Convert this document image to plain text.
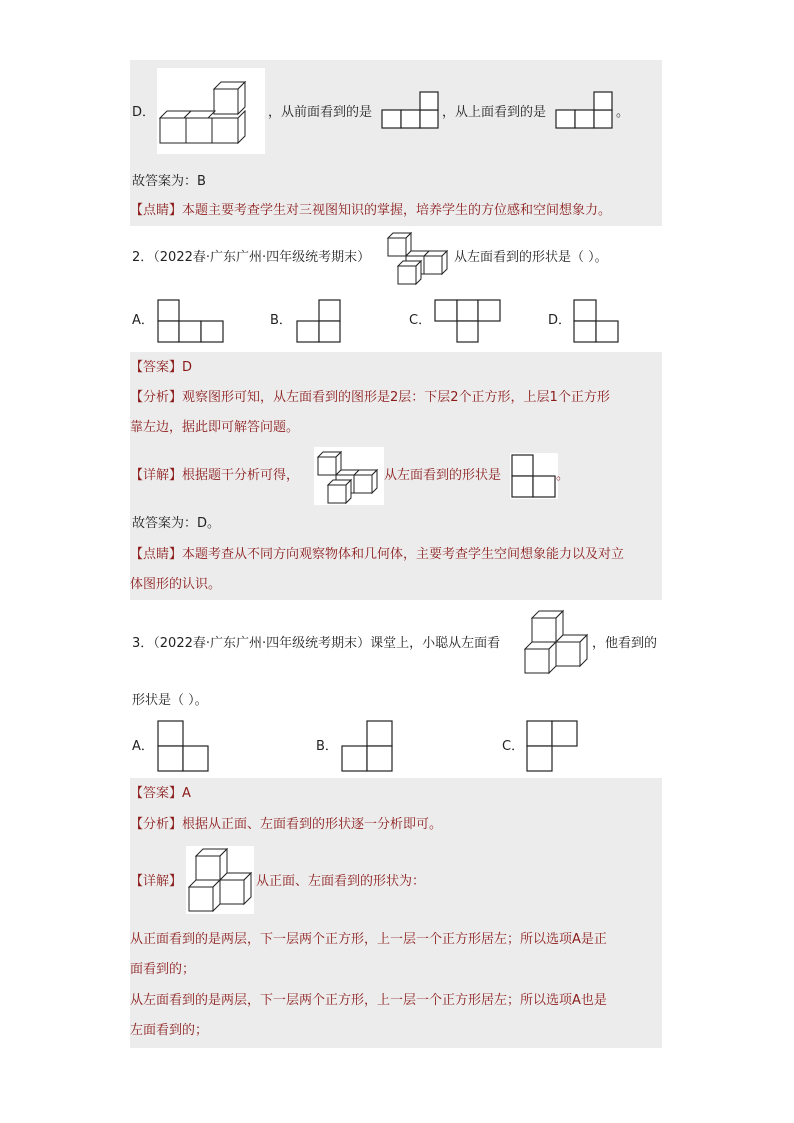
D．	，从前面看到的是	，从上面看到的是	。
故答案为：B
【点睛】本题主要考查学生对三视图知识的掌握，培养学生的方位感和空间想象力。
2．（2022春·广东广州·四年级统考期末）	从左面看到的形状是（ ）。
A．	B．	C．	D．
【答案】D
【分析】观察图形可知，从左面看到的图形是2层：下层2个正方形，上层1个正方形
靠左边，据此即可解答问题。
【详解】根据题干分析可得，	从左面看到的形状是	。
故答案为：D。
【点睛】本题考查从不同方向观察物体和几何体，主要考查学生空间想象能力以及对立
体图形的认识。
3．（2022春·广东广州·四年级统考期末）课堂上，小聪从左面看	，他看到的
形状是（ ）。
A．	B．	C．
【答案】A
【分析】根据从正面、左面看到的形状逐一分析即可。
【详解】	从正面、左面看到的形状为：
从正面看到的是两层，下一层两个正方形，上一层一个正方形居左；所以选项A是正
面看到的；
从左面看到的是两层，下一层两个正方形，上一层一个正方形居左；所以选项A也是
左面看到的；
